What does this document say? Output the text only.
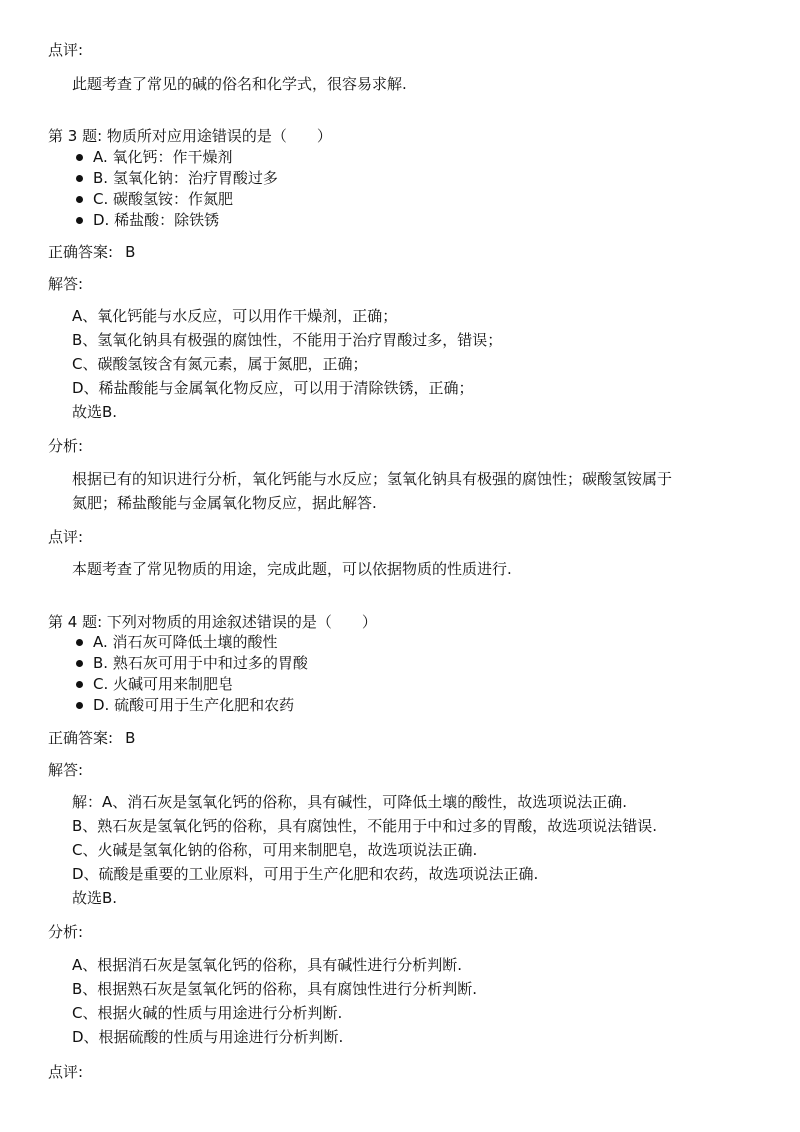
点评:
此题考查了常见的碱的俗名和化学式，很容易求解.
第 3 题: 物质所对应用途错误的是（　　）
A. 氧化钙：作干燥剂
B. 氢氧化钠：治疗胃酸过多
C. 碳酸氢铵：作氮肥
D. 稀盐酸：除铁锈
正确答案: B
解答:
A、氧化钙能与水反应，可以用作干燥剂，正确；
B、氢氧化钠具有极强的腐蚀性，不能用于治疗胃酸过多，错误；
C、碳酸氢铵含有氮元素，属于氮肥，正确；
D、稀盐酸能与金属氧化物反应，可以用于清除铁锈，正确；
故选B.
分析:
根据已有的知识进行分析，氧化钙能与水反应；氢氧化钠具有极强的腐蚀性；碳酸氢铵属于
氮肥；稀盐酸能与金属氧化物反应，据此解答.
点评:
本题考查了常见物质的用途，完成此题，可以依据物质的性质进行.
第 4 题: 下列对物质的用途叙述错误的是（　　）
A. 消石灰可降低土壤的酸性
B. 熟石灰可用于中和过多的胃酸
C. 火碱可用来制肥皂
D. 硫酸可用于生产化肥和农药
正确答案: B
解答:
解：A、消石灰是氢氧化钙的俗称，具有碱性，可降低土壤的酸性，故选项说法正确.
B、熟石灰是氢氧化钙的俗称，具有腐蚀性，不能用于中和过多的胃酸，故选项说法错误.
C、火碱是氢氧化钠的俗称，可用来制肥皂，故选项说法正确.
D、硫酸是重要的工业原料，可用于生产化肥和农药，故选项说法正确.
故选B.
分析:
A、根据消石灰是氢氧化钙的俗称，具有碱性进行分析判断.
B、根据熟石灰是氢氧化钙的俗称，具有腐蚀性进行分析判断.
C、根据火碱的性质与用途进行分析判断.
D、根据硫酸的性质与用途进行分析判断.
点评:
